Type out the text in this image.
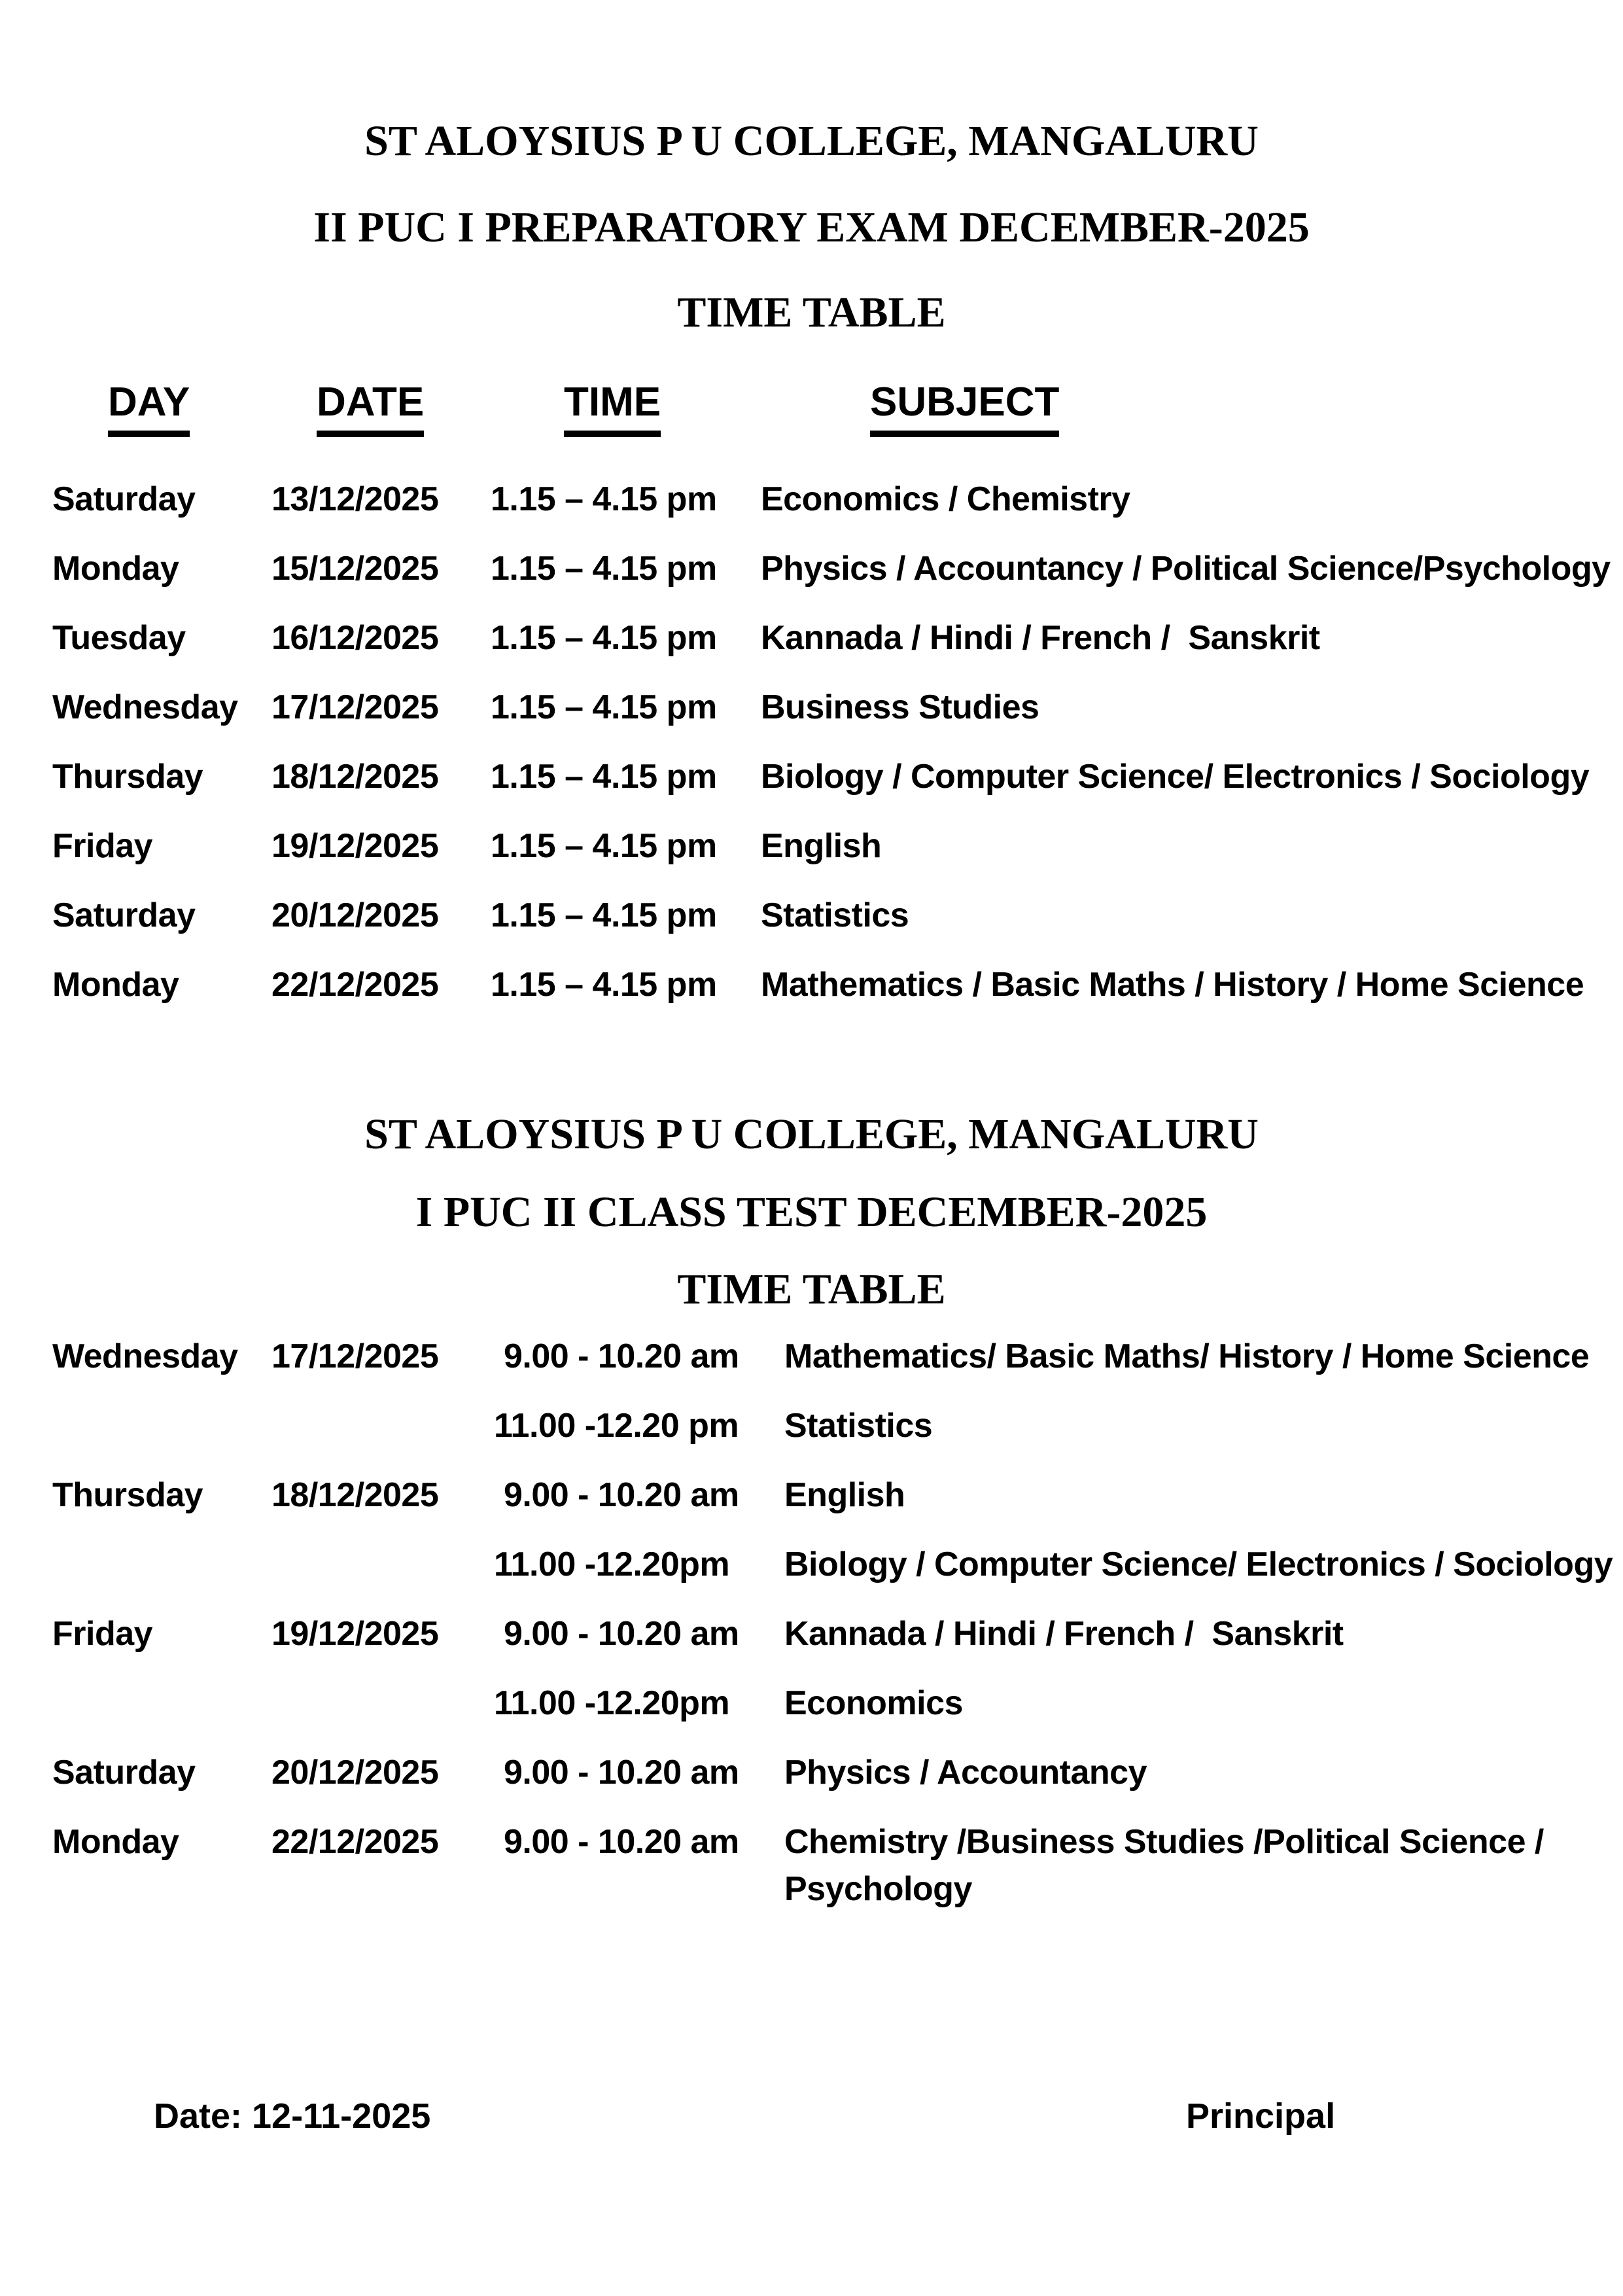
ST ALOYSIUS P U COLLEGE, MANGALURU
II PUC I PREPARATORY EXAM DECEMBER-2025
TIME TABLE
DAY	DATE	TIME	SUBJECT
Saturday 13/12/2025 1.15 – 4.15 pm Economics / Chemistry
Monday	15/12/2025 1.15 – 4.15 pm Physics / Accountancy / Political Science/Psychology
Tuesday	16/12/2025 1.15 – 4.15 pm Kannada / Hindi / French /  Sanskrit
Wednesday 17/12/2025 1.15 – 4.15 pm Business Studies
Thursday 18/12/2025 1.15 – 4.15 pm Biology / Computer Science/ Electronics / Sociology
Friday	19/12/2025 1.15 – 4.15 pm English
Saturday 20/12/2025 1.15 – 4.15 pm Statistics
Monday	22/12/2025 1.15 – 4.15 pm Mathematics / Basic Maths / History / Home Science
ST ALOYSIUS P U COLLEGE, MANGALURU
I PUC II CLASS TEST DECEMBER-2025
TIME TABLE
Wednesday 17/12/2025 9.00 - 10.20 am Mathematics/ Basic Maths/ History / Home Science
11.00 -12.20 pm Statistics
Thursday 18/12/2025 9.00 - 10.20 am English
11.00 -12.20pm Biology / Computer Science/ Electronics / Sociology
Friday	19/12/2025 9.00 - 10.20 am Kannada / Hindi / French /  Sanskrit
11.00 -12.20pm Economics
Saturday 20/12/2025 9.00 - 10.20 am Physics / Accountancy
Monday	22/12/2025 9.00 - 10.20 am Chemistry /Business Studies /Political Science /
Psychology
Date: 12-11-2025	Principal
